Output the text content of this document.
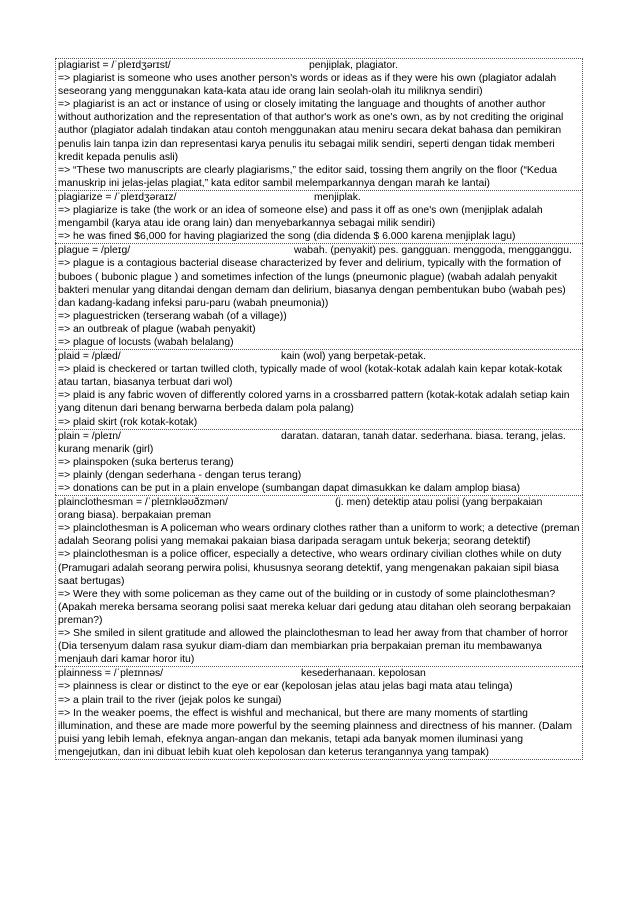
plagiarist = /ˈpleɪdʒərɪst/	penjiplak, plagiator.
=> plagiarist is someone who uses another person's words or ideas as if they were his own (plagiator adalah seseorang yang menggunakan kata-kata atau ide orang lain seolah-olah itu miliknya sendiri)
=> plagiarist is an act or instance of using or closely imitating the language and thoughts of another author without authorization and the representation of that author's work as one's own, as by not crediting the original author (plagiator adalah tindakan atau contoh menggunakan atau meniru secara dekat bahasa dan pemikiran penulis lain tanpa izin dan representasi karya penulis itu sebagai milik sendiri, seperti dengan tidak memberi kredit kepada penulis asli)
=> “These two manuscripts are clearly plagiarisms,” the editor said, tossing them angrily on the floor (“Kedua manuskrip ini jelas-jelas plagiat,” kata editor sambil melemparkannya dengan marah ke lantai)
plagiarize = /ˈpleɪdʒəraɪz/	menjiplak.
=> plagiarize is take (the work or an idea of someone else) and pass it off as one's own (menjiplak adalah mengambil (karya atau ide orang lain) dan menyebarkannya sebagai milik sendiri)
=> he was fined $6,000 for having plagiarized the song (dia didenda $ 6.000 karena menjiplak lagu)
plague = /pleɪɡ/	wabah. (penyakit) pes. gangguan. menggoda, mengganggu.
=> plague is a contagious bacterial disease characterized by fever and delirium, typically with the formation of buboes ( bubonic plague ) and sometimes infection of the lungs (pneumonic plague) (wabah adalah penyakit bakteri menular yang ditandai dengan demam dan delirium, biasanya dengan pembentukan bubo (wabah pes) dan kadang-kadang infeksi paru-paru (wabah pneumonia))
=> plaguestricken (terserang wabah (of a village))
=> an outbreak of plague (wabah penyakit)
=> plague of locusts (wabah belalang)
plaid = /plæd/	kain (wol) yang berpetak-petak.
=> plaid is checkered or tartan twilled cloth, typically made of wool (kotak-kotak adalah kain kepar kotak-kotak atau tartan, biasanya terbuat dari wol)
=> plaid is any fabric woven of differently colored yarns in a crossbarred pattern (kotak-kotak adalah setiap kain yang ditenun dari benang berwarna berbeda dalam pola palang)
=> plaid skirt (rok kotak-kotak)
plain = /pleɪn/	daratan. dataran, tanah datar. sederhana. biasa. terang, jelas.
kurang menarik (girl)
=> plainspoken (suka berterus terang)
=> plainly (dengan sederhana - dengan terus terang)
=> donations can be put in a plain envelope (sumbangan dapat dimasukkan ke dalam amplop biasa)
plainclothesman = /ˈpleɪnkləʊðzmən/	(j. men) detektip atau polisi (yang berpakaian
orang biasa). berpakaian preman
=> plainclothesman is A policeman who wears ordinary clothes rather than a uniform to work; a detective (preman adalah Seorang polisi yang memakai pakaian biasa daripada seragam untuk bekerja; seorang detektif)
=> plainclothesman is a police officer, especially a detective, who wears ordinary civilian clothes while on duty (Pramugari adalah seorang perwira polisi, khususnya seorang detektif, yang mengenakan pakaian sipil biasa saat bertugas)
=> Were they with some policeman as they came out of the building or in custody of some plainclothesman? (Apakah mereka bersama seorang polisi saat mereka keluar dari gedung atau ditahan oleh seorang berpakaian preman?)
=> She smiled in silent gratitude and allowed the plainclothesman to lead her away from that chamber of horror (Dia tersenyum dalam rasa syukur diam-diam dan membiarkan pria berpakaian preman itu membawanya menjauh dari kamar horor itu)
plainness = /ˈpleɪnnəs/	kesederhanaan. kepolosan
=> plainness is clear or distinct to the eye or ear (kepolosan jelas atau jelas bagi mata atau telinga)
=> a plain trail to the river (jejak polos ke sungai)
=> In the weaker poems, the effect is wishful and mechanical, but there are many moments of startling illumination, and these are made more powerful by the seeming plainness and directness of his manner. (Dalam puisi yang lebih lemah, efeknya angan-angan dan mekanis, tetapi ada banyak momen iluminasi yang mengejutkan, dan ini dibuat lebih kuat oleh kepolosan dan keterus terangannya yang tampak)
